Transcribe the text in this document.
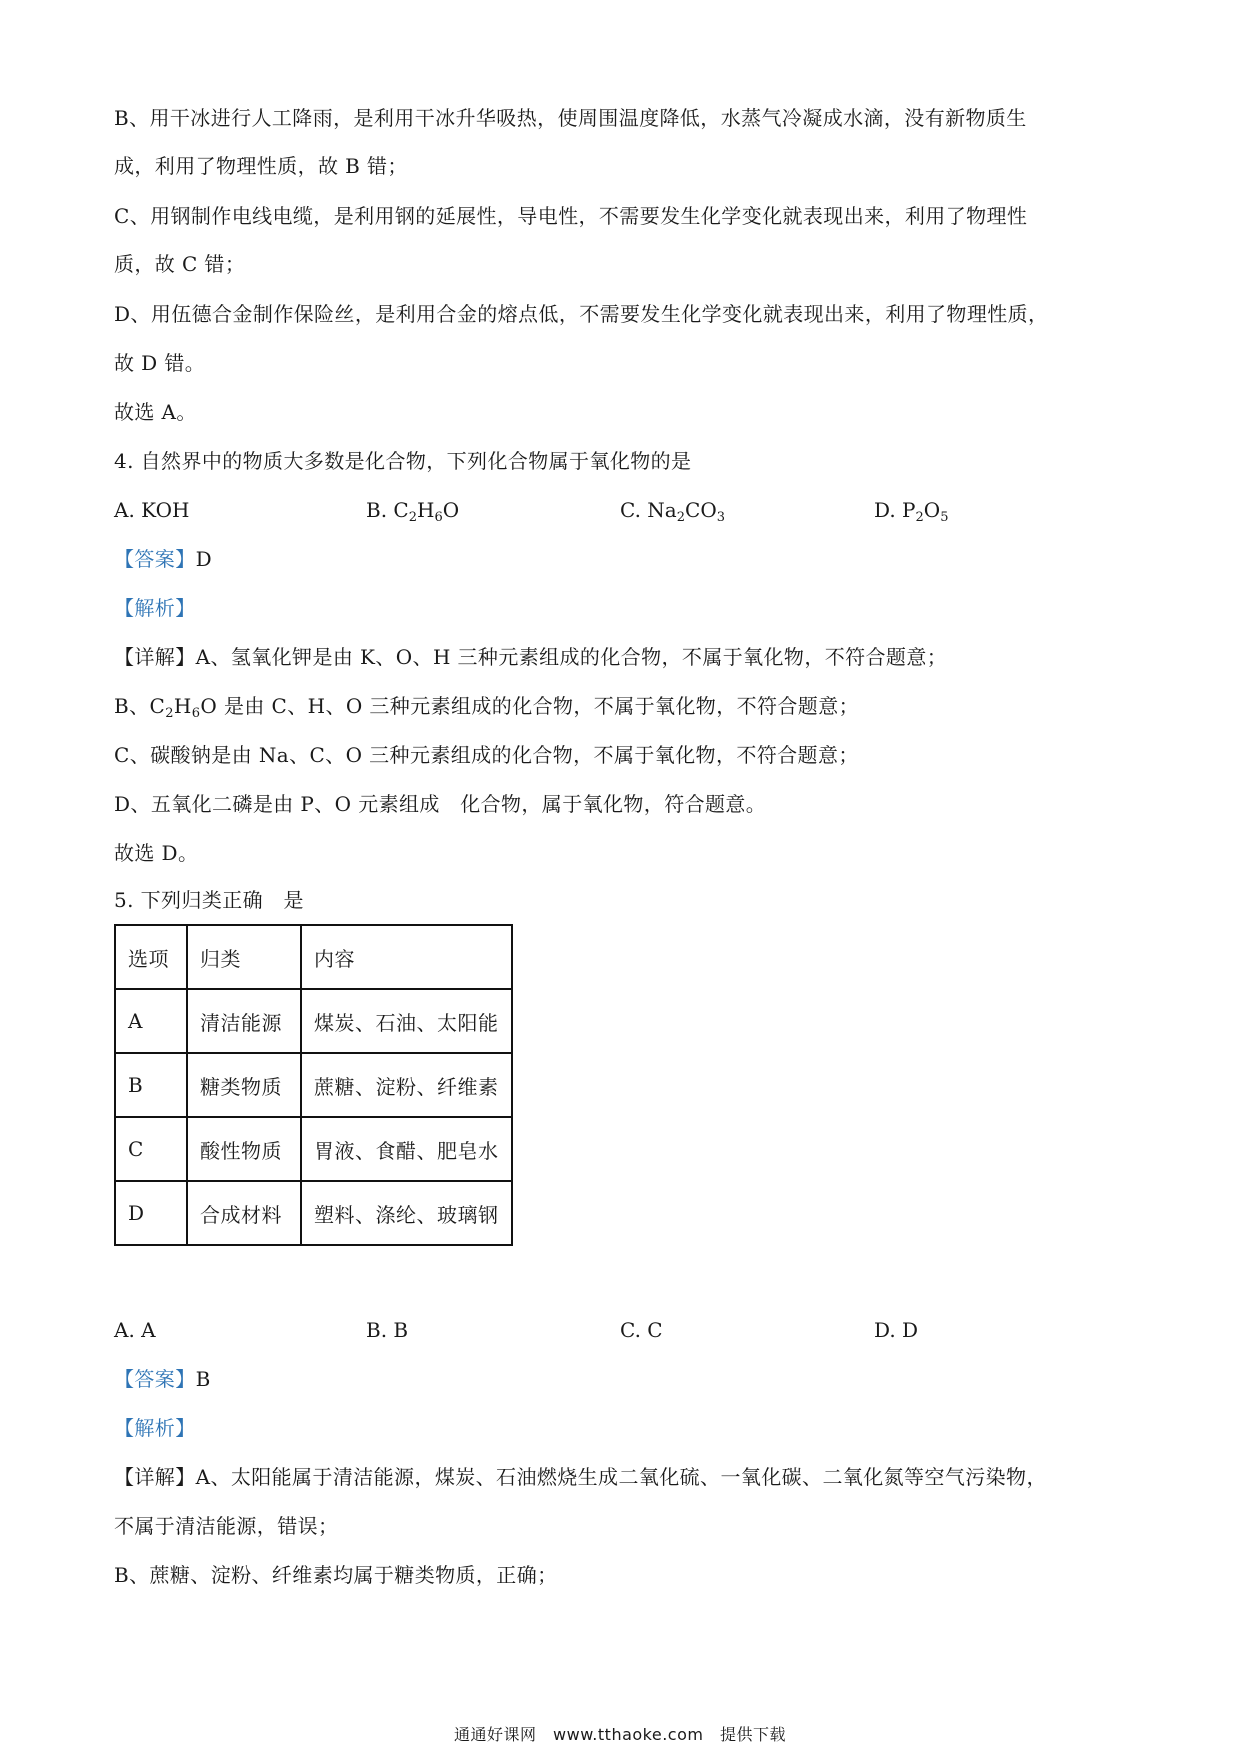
B、用干冰进行人工降雨，是利用干冰升华吸热，使周围温度降低，水蒸气冷凝成水滴，没有新物质生
成，利用了物理性质，故 B 错；
C、用钢制作电线电缆，是利用钢的延展性，导电性，不需要发生化学变化就表现出来，利用了物理性
质，故 C 错；
D、用伍德合金制作保险丝，是利用合金的熔点低，不需要发生化学变化就表现出来，利用了物理性质，
故 D 错。
故选 A。
4. 自然界中的物质大多数是化合物，下列化合物属于氧化物的是
A. KOH	B. $C_2H_6O$	C. $Na_2CO_3$	D. $P_2O_5$
【答案】D
【解析】
【详解】A、氢氧化钾是由 K、O、H 三种元素组成的化合物，不属于氧化物，不符合题意；
B、$C_2H_6O$ 是由 C、H、O 三种元素组成的化合物，不属于氧化物，不符合题意；
C、碳酸钠是由 Na、C、O 三种元素组成的化合物，不属于氧化物，不符合题意；
D、五氧化二磷是由 P、O 元素组成　化合物，属于氧化物，符合题意。
故选 D。
5. 下列归类正确　是
选项	归类	内容
A	清洁能源	煤炭、石油、太阳能
B	糖类物质	蔗糖、淀粉、纤维素
C	酸性物质	胃液、食醋、肥皂水
D	合成材料	塑料、涤纶、玻璃钢
A. A	B. B	C. C	D. D
【答案】B
【解析】
【详解】A、太阳能属于清洁能源，煤炭、石油燃烧生成二氧化硫、一氧化碳、二氧化氮等空气污染物，
不属于清洁能源，错误；
B、蔗糖、淀粉、纤维素均属于糖类物质，正确；
通通好课网　www.tthaoke.com　提供下载
